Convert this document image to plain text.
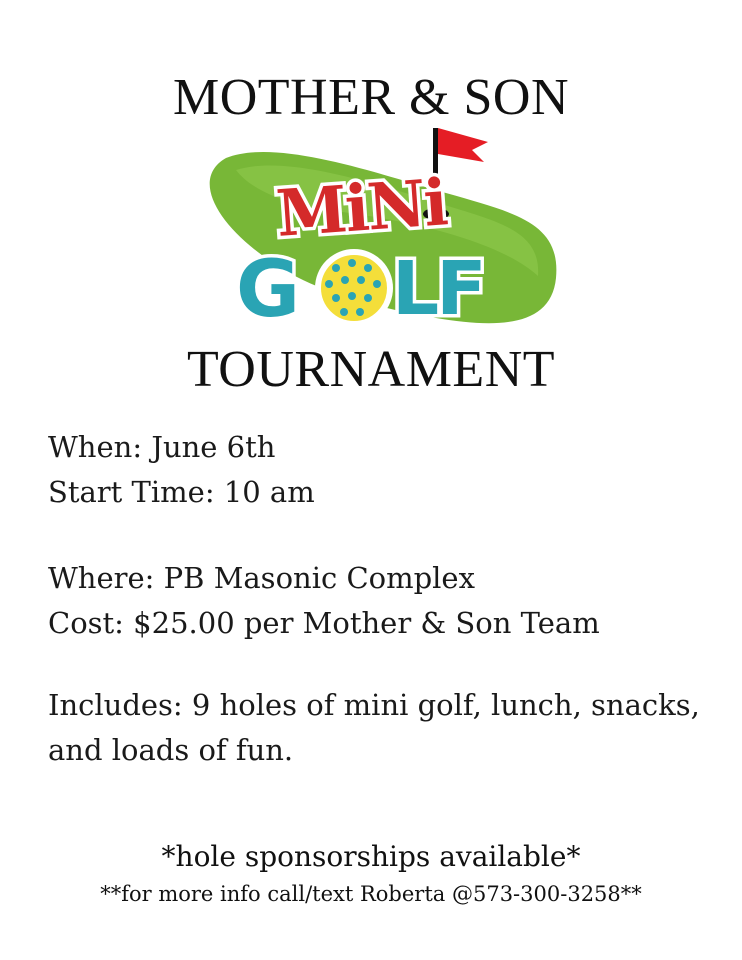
MOTHER & SON
MiNi
G LF
TOURNAMENT
When: June 6th
Start Time: 10 am
Where: PB Masonic Complex
Cost: $25.00 per Mother & Son Team
Includes: 9 holes of mini golf, lunch, snacks,
and loads of fun.
*hole sponsorships available*
**for more info call/text Roberta @573-300-3258**
